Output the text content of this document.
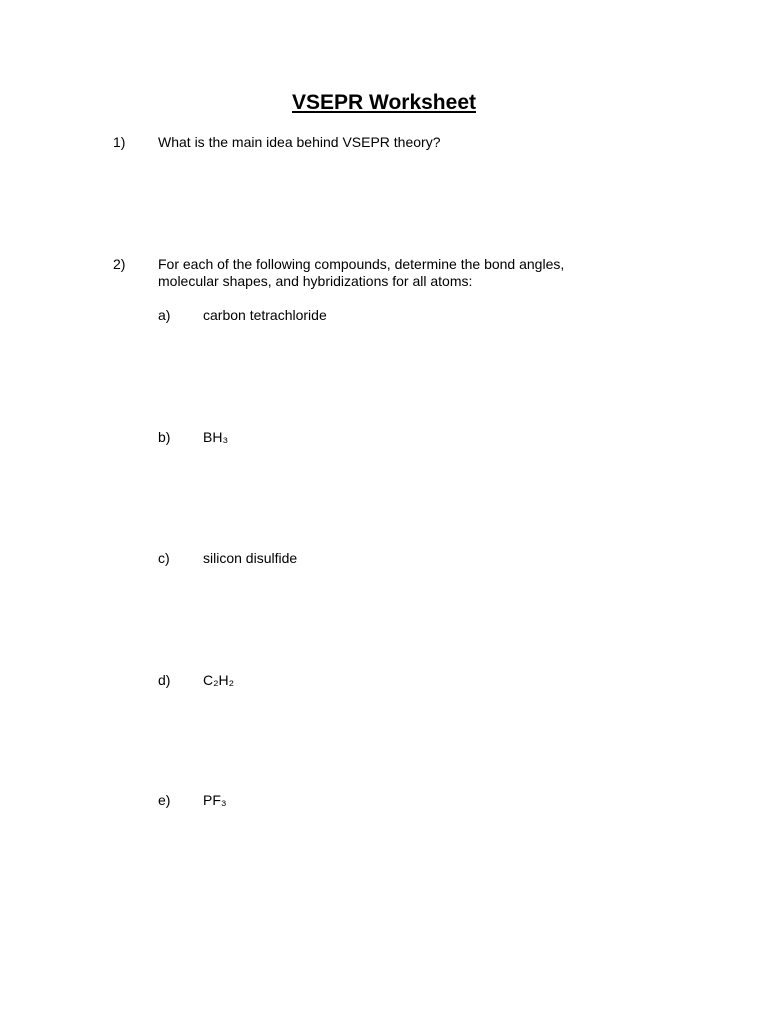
VSEPR Worksheet
1) What is the main idea behind VSEPR theory?
2) For each of the following compounds, determine the bond angles,
molecular shapes, and hybridizations for all atoms:
a) carbon tetrachloride
b) BH₃
c) silicon disulfide
d) C₂H₂
e) PF₃
